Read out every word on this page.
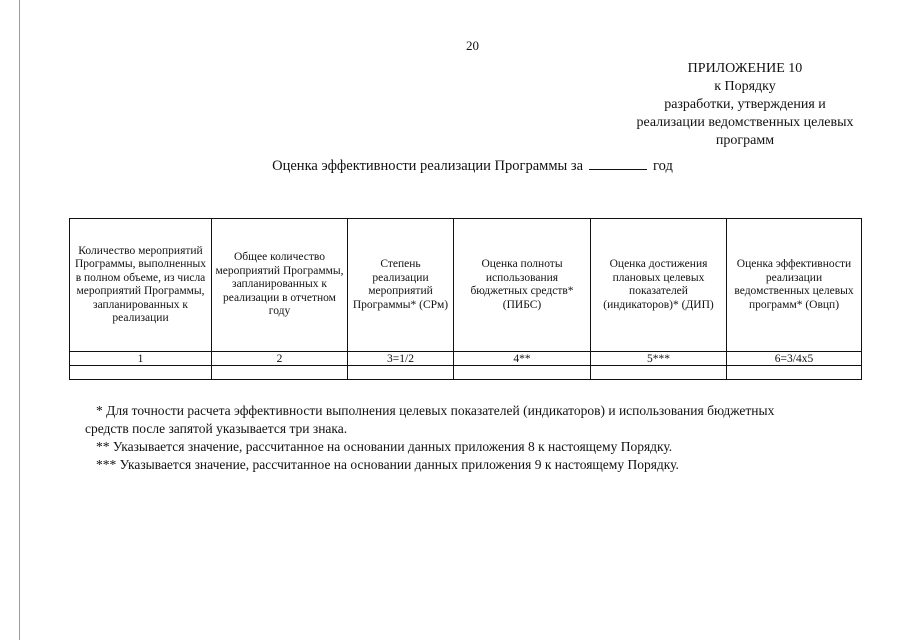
20
ПРИЛОЖЕНИЕ 10
к Порядку
разработки, утверждения и
реализации ведомственных целевых
программ
Оценка эффективности реализации Программы за	год
Количество мероприятий Программы, выполненных в полном объеме, из числа мероприятий Программы, запланированных к реализации	Общее количество мероприятий Программы, запланированных к реализации в отчетном году	Степень реализации мероприятий Программы* (СРм)	Оценка полноты использования бюджетных средств* (ПИБС)	Оценка достижения плановых целевых показателей (индикаторов)* (ДИП)	Оценка эффективности реализации ведомственных целевых программ* (Овцп)
1	2	3=1/2	4**	5***	6=3/4x5

* Для точности расчета эффективности выполнения целевых показателей (индикаторов) и использования бюджетных

средств после запятой указывается три знака.

** Указывается значение, рассчитанное на основании данных приложения 8 к настоящему Порядку.

*** Указывается значение, рассчитанное на основании данных приложения 9 к настоящему Порядку.
